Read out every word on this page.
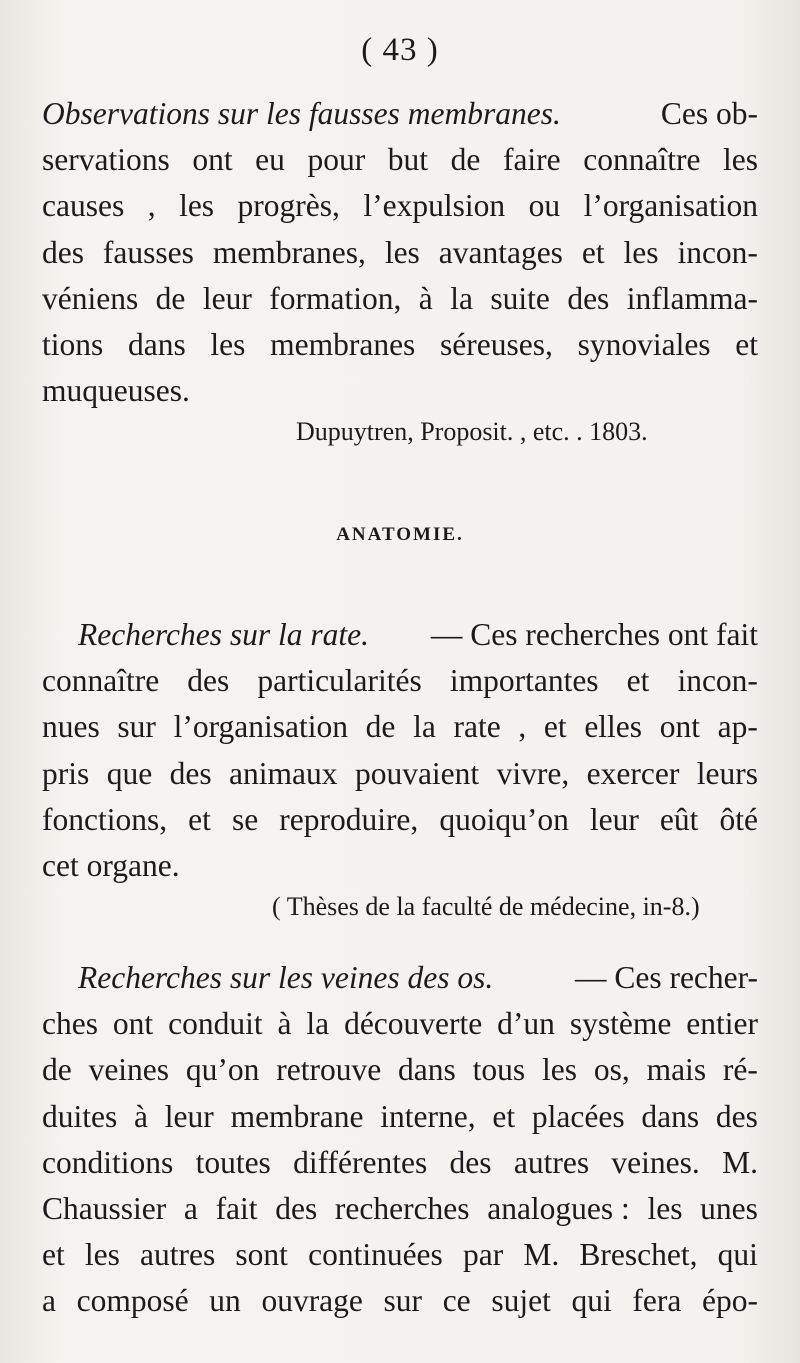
( 43 )
Observations sur les fausses membranes.	Ces ob-
servations ont eu pour but de faire connaître les
causes , les progrès, l’expulsion ou l’organisation
des fausses membranes, les avantages et les incon-
véniens de leur formation, à la suite des inflamma-
tions dans les membranes séreuses, synoviales et
muqueuses.
Dupuytren, Proposit. , etc. . 1803.
ANATOMIE.
Recherches sur la rate. — Ces recherches ont fait
connaître des particularités importantes et incon-
nues sur l’organisation de la rate , et elles ont ap-
pris que des animaux pouvaient vivre, exercer leurs
fonctions, et se reproduire, quoiqu’on leur eût ôté
cet organe.
( Thèses de la faculté de médecine, in-8.)
Recherches sur les veines des os.	— Ces recher-
ches ont conduit à la découverte d’un système entier
de veines qu’on retrouve dans tous les os, mais ré-
duites à leur membrane interne, et placées dans des
conditions toutes différentes des autres veines. M.
Chaussier a fait des recherches analogues : les unes
et les autres sont continuées par M. Breschet, qui
a composé un ouvrage sur ce sujet qui fera épo-
